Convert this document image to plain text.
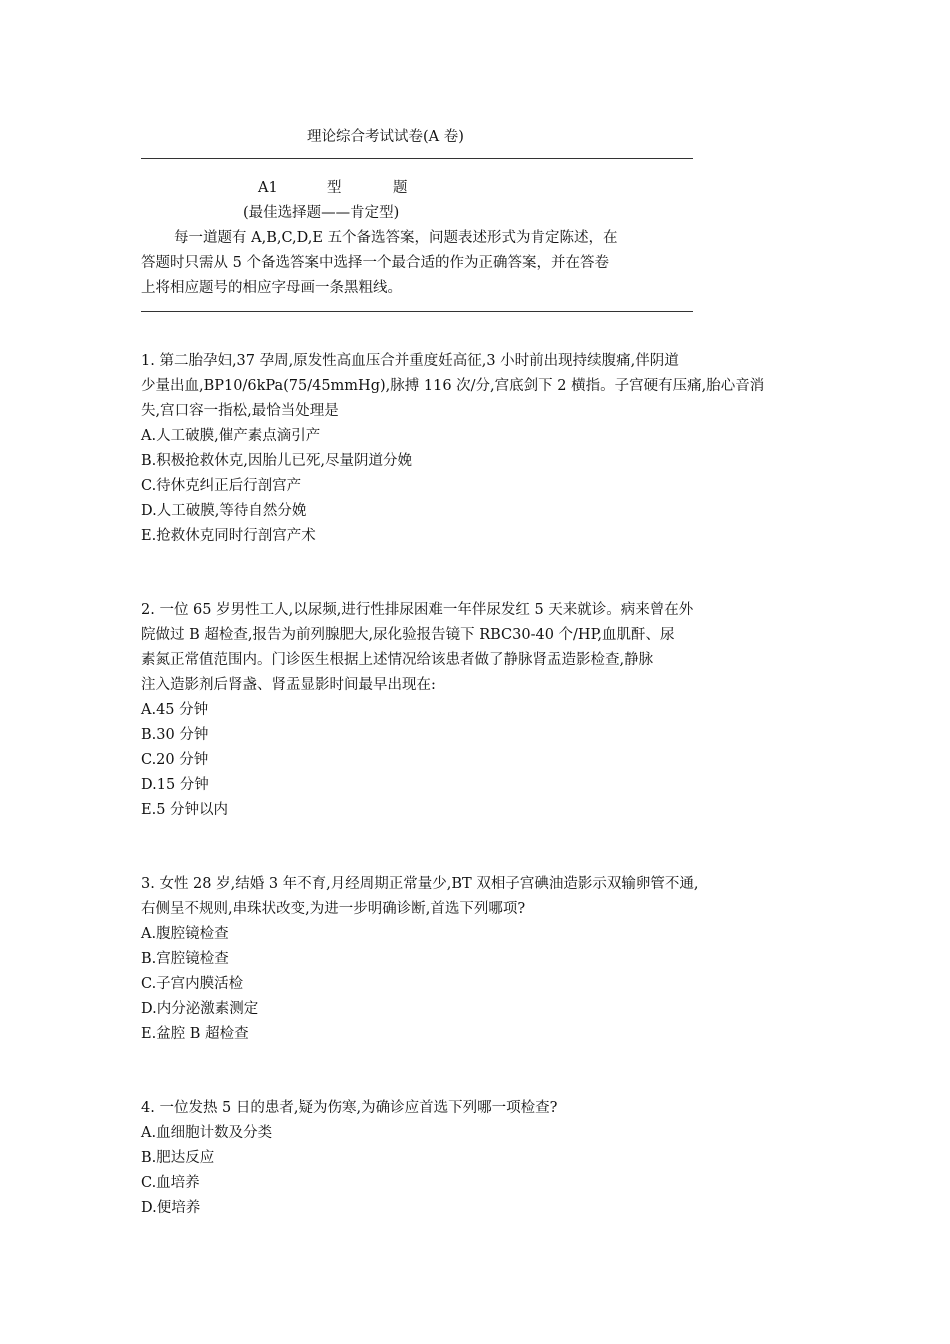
理论综合考试试卷(A 卷)
A1	型	题
(最佳选择题——肯定型)
每一道题有 A,B,C,D,E 五个备选答案，问题表述形式为肯定陈述，在
答题时只需从 5 个备选答案中选择一个最合适的作为正确答案，并在答卷
上将相应题号的相应字母画一条黑粗线。
1. 第二胎孕妇,37 孕周,原发性高血压合并重度妊高征,3 小时前出现持续腹痛,伴阴道
少量出血,BP10/6kPa(75/45mmHg),脉搏 116 次/分,宫底剑下 2 横指。子宫硬有压痛,胎心音消
失,宫口容一指松,最恰当处理是
A.人工破膜,催产素点滴引产
B.积极抢救休克,因胎儿已死,尽量阴道分娩
C.待休克纠正后行剖宫产
D.人工破膜,等待自然分娩
E.抢救休克同时行剖宫产术
2. 一位 65 岁男性工人,以尿频,进行性排尿困难一年伴尿发红 5 天来就诊。病来曾在外
院做过 B 超检查,报告为前列腺肥大,尿化验报告镜下 RBC30-40 个/HP,血肌酐、尿
素氮正常值范围内。门诊医生根据上述情况给该患者做了静脉肾盂造影检查,静脉
注入造影剂后肾盏、肾盂显影时间最早出现在:
A.45 分钟
B.30 分钟
C.20 分钟
D.15 分钟
E.5 分钟以内
3. 女性 28 岁,结婚 3 年不育,月经周期正常量少,BT 双相子宫碘油造影示双输卵管不通,
右侧呈不规则,串珠状改变,为进一步明确诊断,首选下列哪项?
A.腹腔镜检查
B.宫腔镜检查
C.子宫内膜活检
D.内分泌激素测定
E.盆腔 B 超检查
4. 一位发热 5 日的患者,疑为伤寒,为确诊应首选下列哪一项检查?
A.血细胞计数及分类
B.肥达反应
C.血培养
D.便培养
